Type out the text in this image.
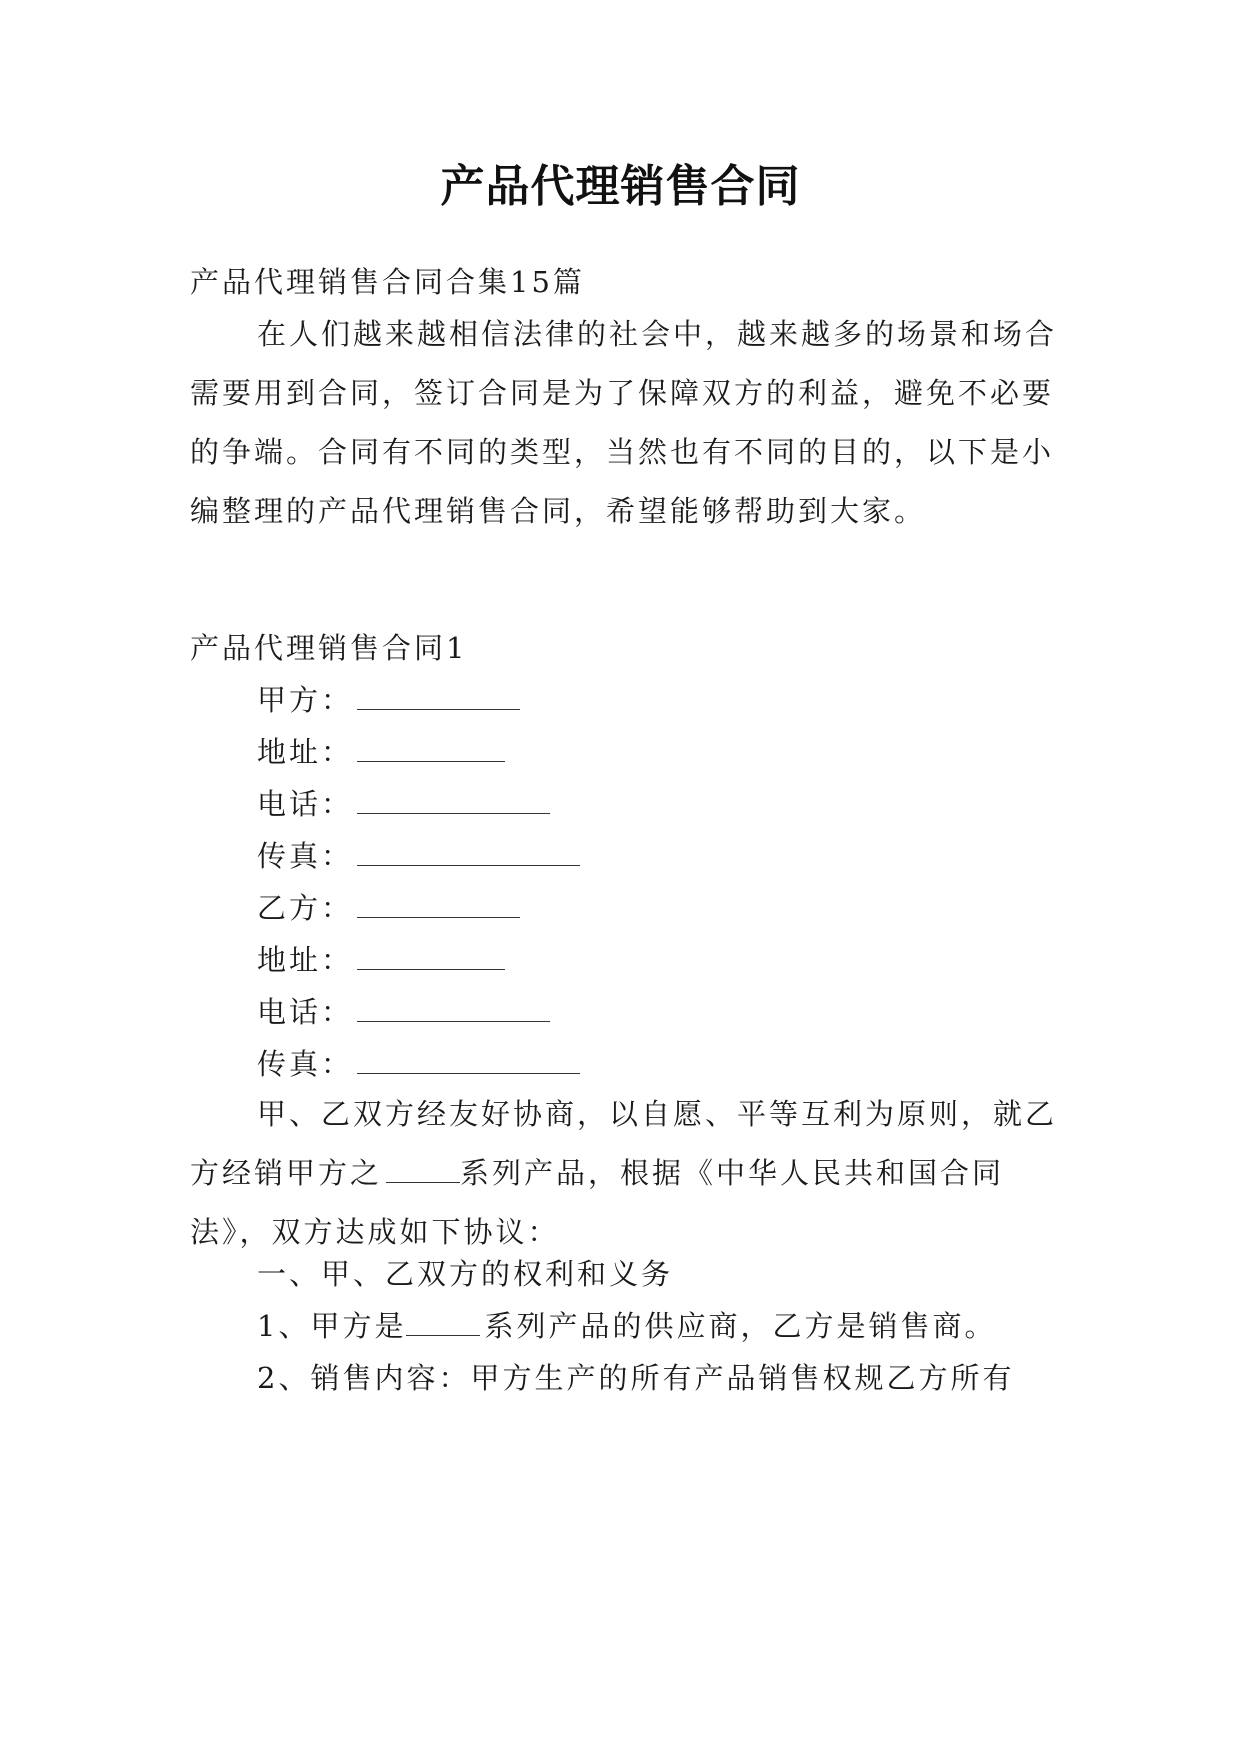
产品代理销售合同
产品代理销售合同合集15篇
在人们越来越相信法律的社会中，越来越多的场景和场合需要用到合同，签订合同是为了保障双方的利益，避免不必要的争端。合同有不同的类型，当然也有不同的目的，以下是小编整理的产品代理销售合同，希望能够帮助到大家。
产品代理销售合同1
甲方：
地址：
电话：
传真：
乙方：
地址：
电话：
传真：
甲、乙双方经友好协商，以自愿、平等互利为原则，就乙方经销甲方之	系列产品，根据《中华人民共和国合同法》，双方达成如下协议：
一、甲、乙双方的权利和义务
1、甲方是	系列产品的供应商，乙方是销售商。
2、销售内容：甲方生产的所有产品销售权规乙方所有
